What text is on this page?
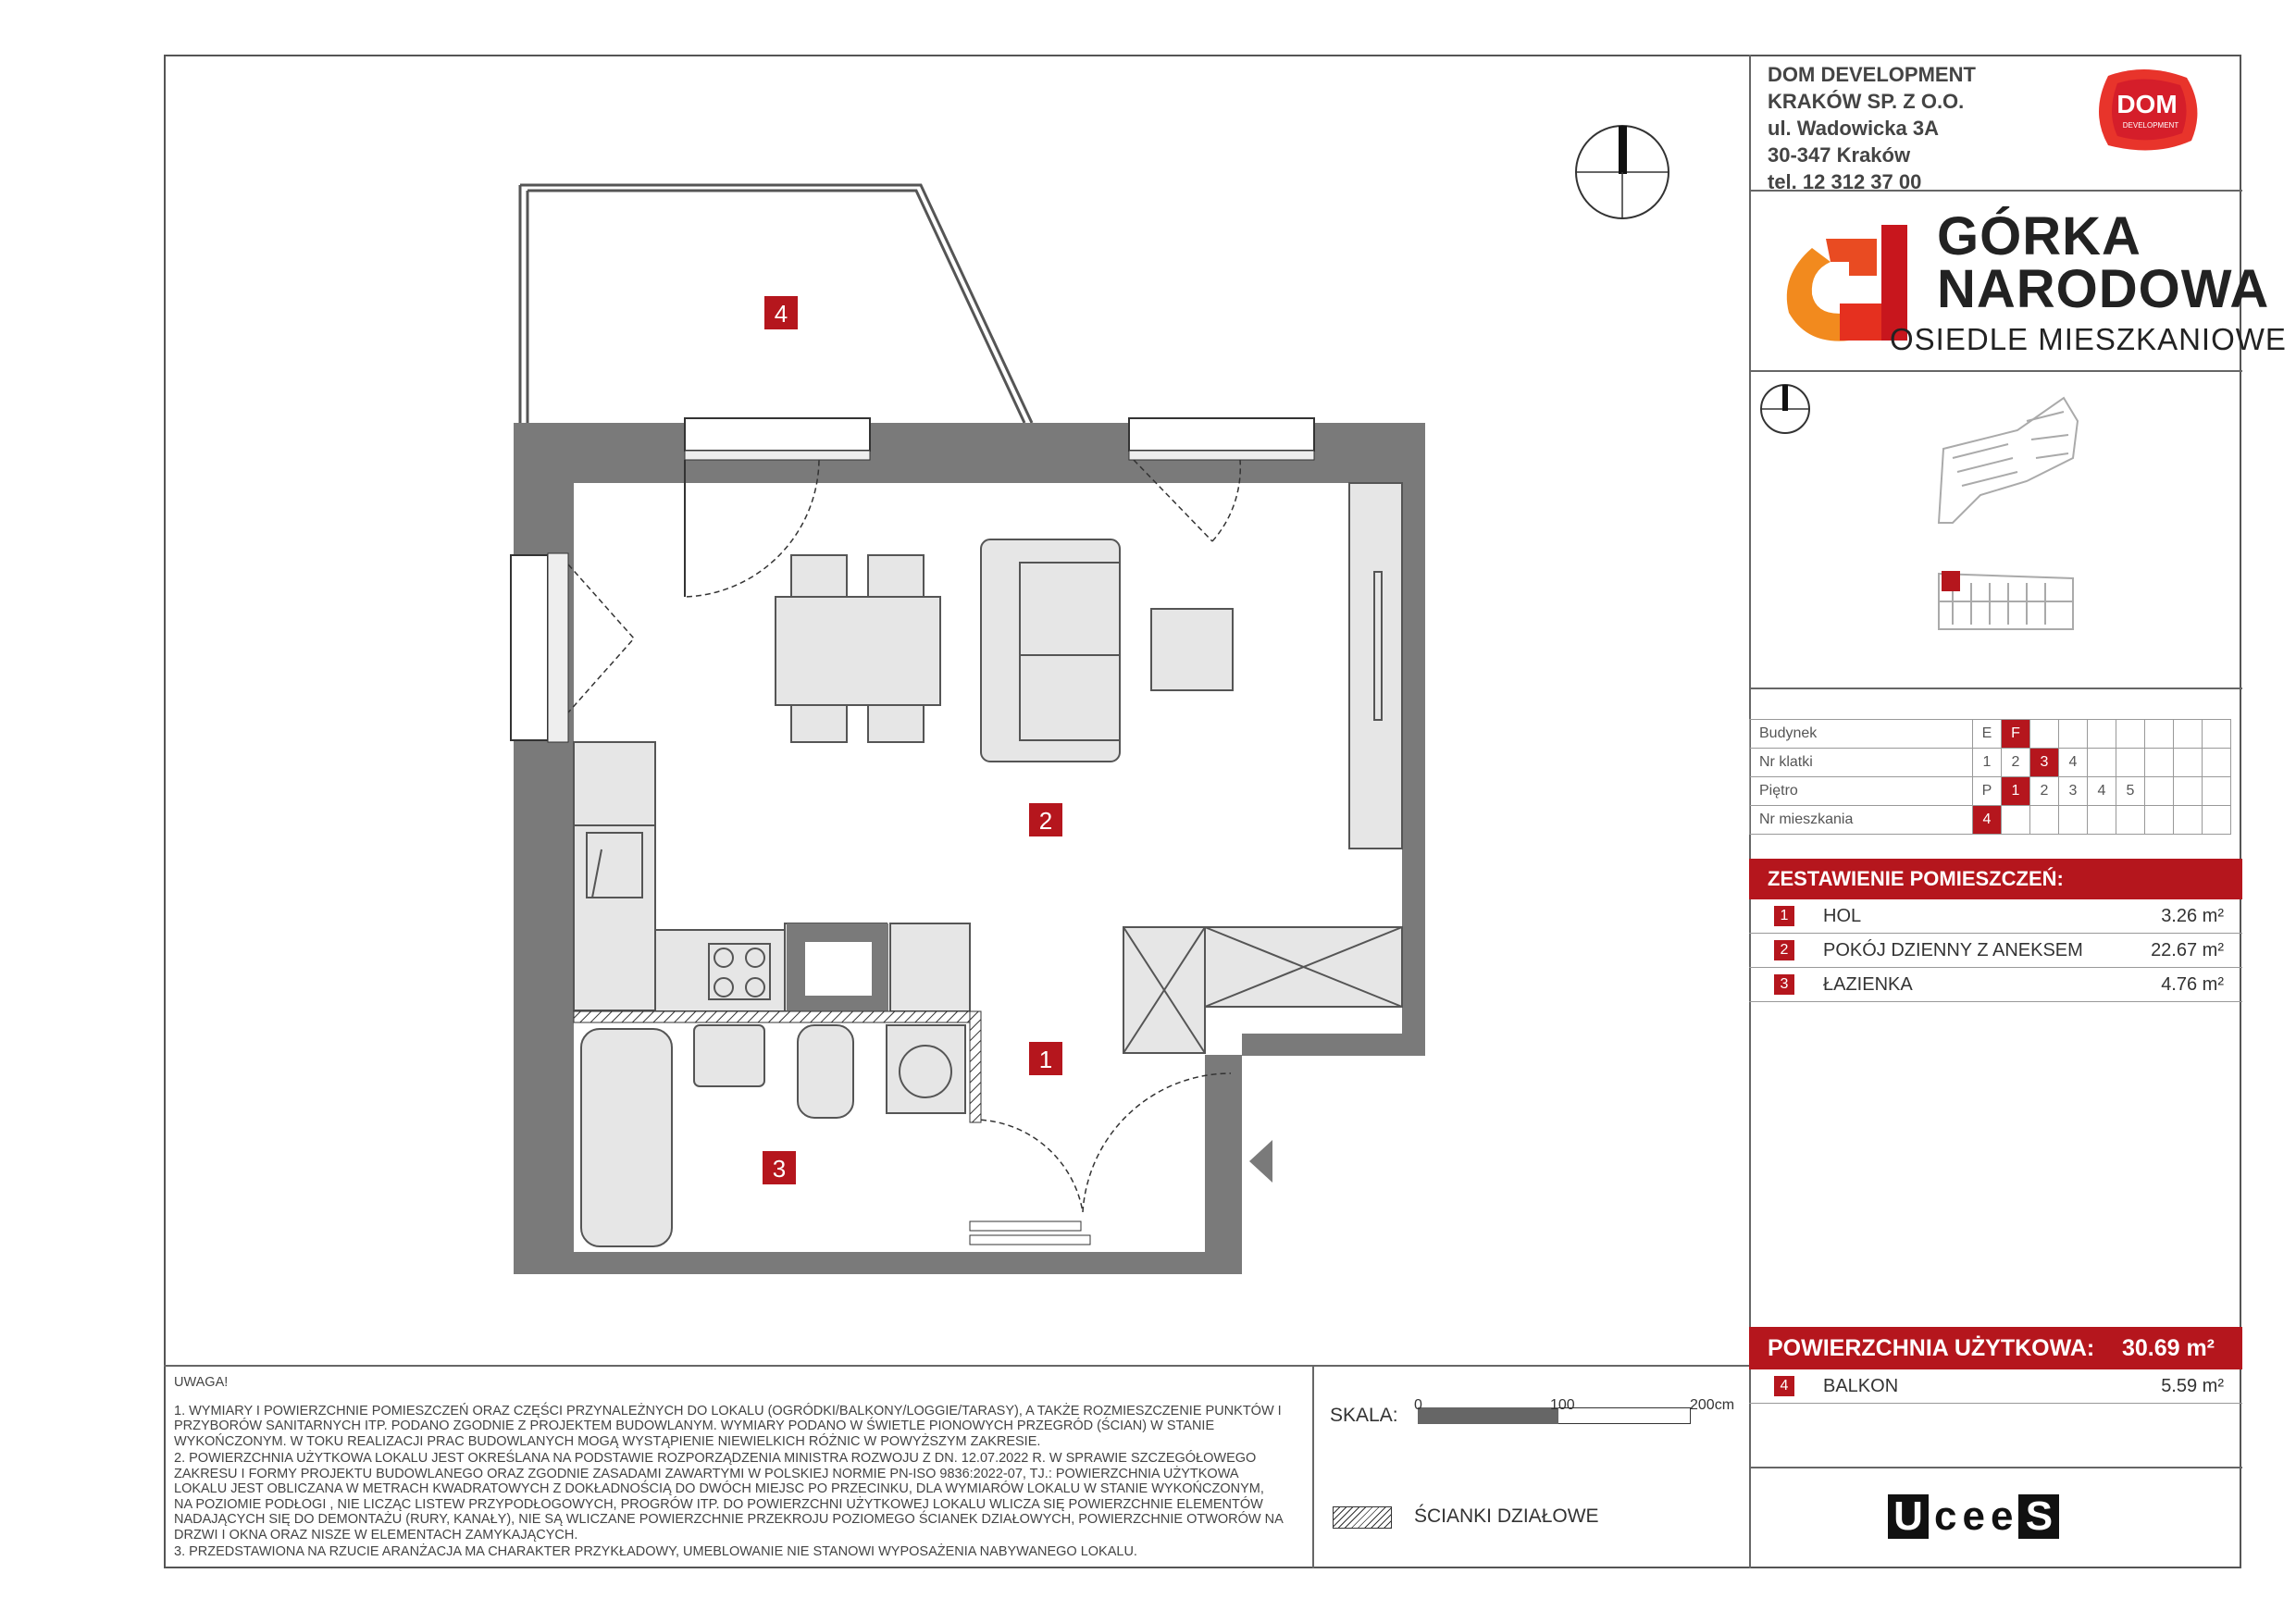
DOM DEVELOPMENT
KRAKÓW SP. Z O.O.
ul. Wadowicka 3A
30-347 Kraków
tel. 12 312 37 00
DOM
DEVELOPMENT
GÓRKA
NARODOWA
OSIEDLE MIESZKANIOWE
Budynek	E	F							
Nr klatki	1	2	3	4					
Piętro	P	1	2	3	4	5			
Nr mieszkania	4								
ZESTAWIENIE POMIESZCZEŃ:
1	HOL	3.26 m²
2	POKÓJ DZIENNY Z ANEKSEM	22.67 m²
3	ŁAZIENKA	4.76 m²
POWIERZCHNIA UŻYTKOWA: 30.69 m²
4	BALKON	5.59 m²
U c e e S

UWAGA!

1. WYMIARY I POWIERZCHNIE POMIESZCZEŃ ORAZ CZĘŚCI PRZYNALEŻNYCH DO LOKALU (OGRÓDKI/BALKONY/LOGGIE/TARASY), A TAKŻE ROZMIESZCZENIE PUNKTÓW I PRZYBORÓW SANITARNYCH ITP. PODANO ZGODNIE Z PROJEKTEM BUDOWLANYM. WYMIARY PODANO W ŚWIETLE PIONOWYCH PRZEGRÓD (ŚCIAN) W STANIE WYKOŃCZONYM. W TOKU REALIZACJI PRAC BUDOWLANYCH MOGĄ WYSTĄPIENIE NIEWIELKICH RÓŻNIC W POWYŻSZYM ZAKRESIE.

2. POWIERZCHNIA UŻYTKOWA LOKALU JEST OKREŚLANA NA PODSTAWIE ROZPORZĄDZENIA MINISTRA ROZWOJU Z DN. 12.07.2022 R. W SPRAWIE SZCZEGÓŁOWEGO ZAKRESU I FORMY PROJEKTU BUDOWLANEGO ORAZ ZGODNIE ZASADAMI ZAWARTYMI W POLSKIEJ NORMIE PN-ISO 9836:2022-07, TJ.: POWIERZCHNIA UŻYTKOWA LOKALU JEST OBLICZANA W METRACH KWADRATOWYCH Z DOKŁADNOŚCIĄ DO DWÓCH MIEJSC PO PRZECINKU, DLA WYMIARÓW LOKALU W STANIE WYKOŃCZONYM, NA POZIOMIE PODŁOGI , NIE LICZĄC LISTEW PRZYPODŁOGOWYCH, PROGRÓW ITP. DO POWIERZCHNI UŻYTKOWEJ LOKALU WLICZA SIĘ POWIERZCHNIE ELEMENTÓW NADAJĄCYCH SIĘ DO DEMONTAŻU (RURY, KANAŁY), NIE SĄ WLICZANE POWIERZCHNIE PRZEKROJU POZIOMEGO ŚCIANEK DZIAŁOWYCH, POWIERZCHNIE OTWORÓW NA DRZWI I OKNA ORAZ NISZE W ELEMENTACH ZAMYKAJĄCYCH.

3. PRZEDSTAWIONA NA RZUCIE ARANŻACJA MA CHARAKTER PRZYKŁADOWY, UMEBLOWANIE NIE STANOWI WYPOSAŻENIA NABYWANEGO LOKALU.

SKALA: 0	100	200cm
ŚCIANKI DZIAŁOWE
4
2
1
3
